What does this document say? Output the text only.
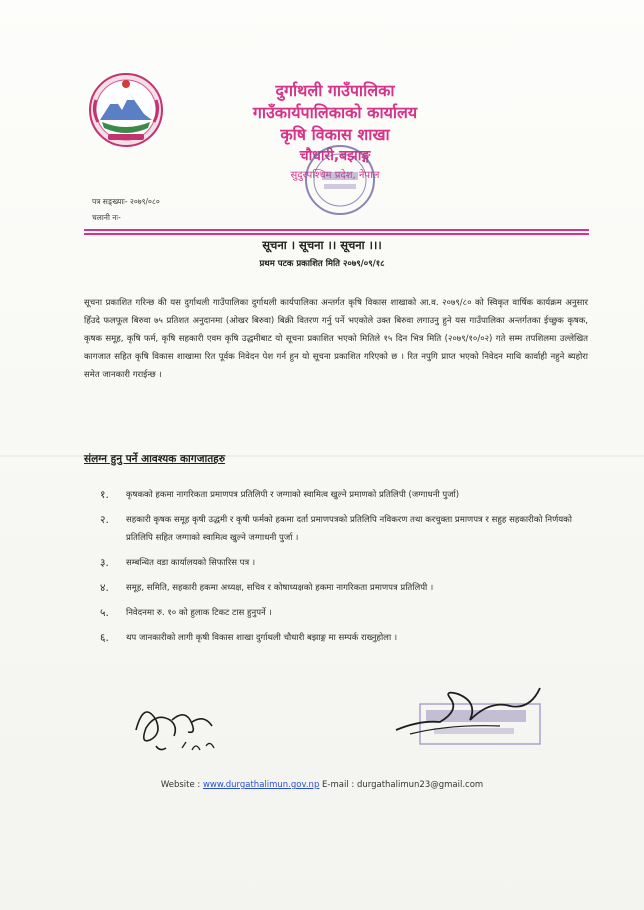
दुर्गाथली गाउँपालिका
गाउँकार्यपालिकाको कार्यालय
कृषि विकास शाखा
चौधारी,बझाङ्ग
सुदुरपश्चिम प्रदेश, नेपाल
पत्र सङ्ख्याः- २०७९/०८०
चलानी नः-
सूचना । सूचना ।। सूचना ।।।
प्रथम पटक प्रकाशित मिति २०७९/०९/१८
सूचना प्रकाशित गरिन्छ की यस दुर्गाथली गाउँपालिका दुर्गाथली कार्यपालिका अन्तर्गत कृषि विकास शाखाको आ.व. २०७९/८० को स्विकृत वार्षिक कार्यक्रम अनुसार हिँउदे फलफूल बिरुवा ७५ प्रतिशत अनुदानमा (ओखर बिरुवा) बिक्री वितरण गर्नु पर्ने भएकोले उक्त बिरुवा लगाउनु हुने यस गाउँपालिका अन्तर्गतका ईच्छुक कृषक, कृषक समूह, कृषि फर्म, कृषि सहकारी एवम कृषि उद्धमीबाट यो सूचना प्रकाशित भएको मितिले १५ दिन भित्र मिति (२०७९/१०/०२) गते सम्म तपशिलमा उल्लेखित कागजात सहित कृषि विकास शाखामा रित पूर्वक निवेदन पेश गर्न हुन यो सूचना प्रकाशित गरिएको छ । रित नपुगि प्राप्त भएको निवेदन माथि कार्वाही नहुने ब्यहोरा समेत जानकारी गराईन्छ ।
संलग्न हुनु पर्ने आवश्यक कागजातहरु
१.	कृषकको हकमा नागरिकता प्रमाणपत्र प्रतिलिपी र जग्गाको स्वामित्व खुल्ने प्रमाणको प्रतिलिपी (जग्गाधनी पुर्जा)
२.	सहकारी कृषक समूह कृषी उद्धमी र कृषी फर्मको हकमा दर्ता प्रमाणपत्रको प्रतिलिपि नविकरण तथा करचुक्ता प्रमाणपत्र र सहुह सहकारीको निर्णयको प्रतिलिपि सहित जग्गाको स्वामित्व खुल्ने जग्गाधनी पुर्जा ।
३.	सम्बन्धित वडा कार्यालयको सिफारिस पत्र ।
४.	समूह, समिति, सहकारी हकमा अध्यक्ष, सचिव र कोषाध्यक्षको हकमा नागरिकता प्रमाणपत्र प्रतिलिपी ।
५.	निवेदनमा रु. १० को हुलाक टिकट टास हुनुपर्ने ।
६.	थप जानकारीको लागी कृषी विकास शाखा दुर्गाथली चौधारी बझाङ्ग मा सम्पर्क राख्नुहोला ।
Website : www.durgathalimun.gov.np E-mail : durgathalimun23@gmail.com
